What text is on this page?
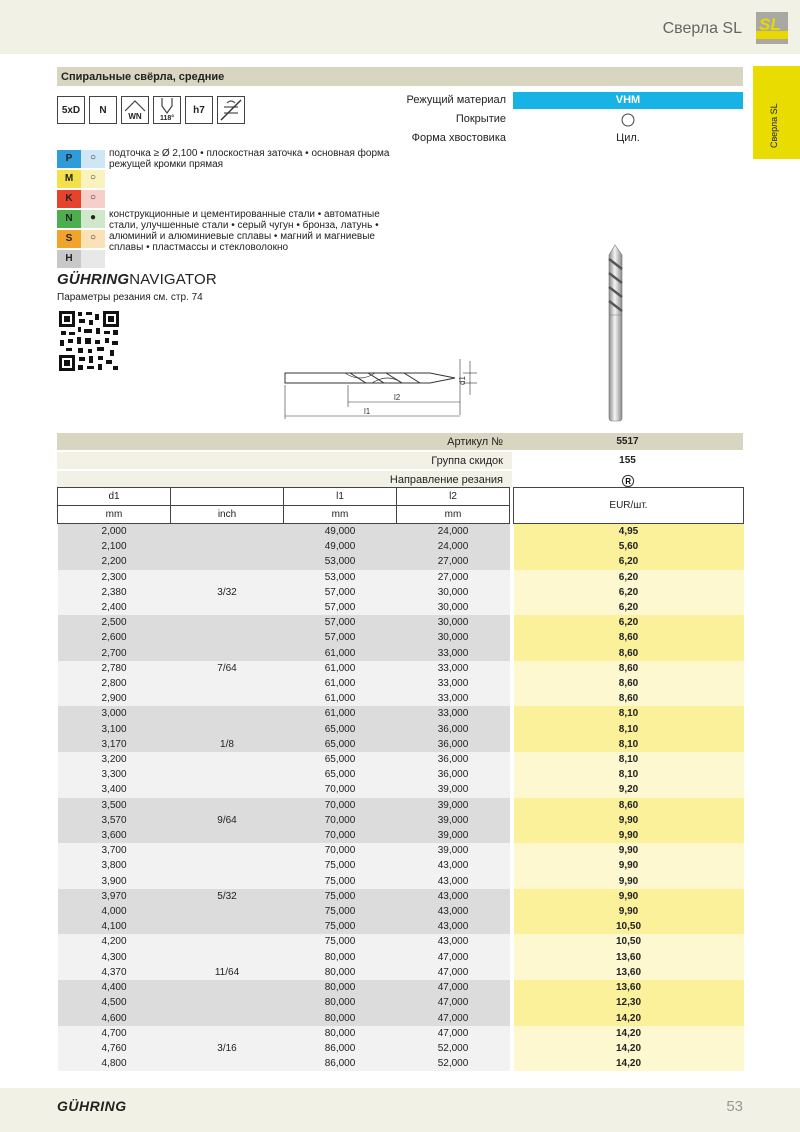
Сверла SL SL
Сверла SL
Спиральные свёрла, средние
5xD N
WN	118°
h7
Режущий материал	VHM
Покрытие
Форма хвостовика	Цил.
P	○
M	○
K	○
N	●
S	○
H
подточка ≥ Ø 2,100 • плоскостная заточка • основная форма режущей кромки прямая
конструкционные и цементированные стали • автоматные стали, улучшенные стали • серый чугун • бронза, латунь • алюминий и алюминиевые сплавы • магний и магниевые сплавы • пластмассы и стекловолокно
GÜHRINGNAVIGATOR
Параметры резания см. стр. 74
d1
l2
l1
Артикул №	5517
Группа скидок	155
Направление резания	R
d1		l1	l2		EUR/шт.
mm	inch	mm	mm		
2,000		49,000	24,000		4,95
2,100		49,000	24,000		5,60
2,200		53,000	27,000		6,20
2,300		53,000	27,000		6,20
2,380	3/32	57,000	30,000		6,20
2,400		57,000	30,000		6,20
2,500		57,000	30,000		6,20
2,600		57,000	30,000		8,60
2,700		61,000	33,000		8,60
2,780	7/64	61,000	33,000		8,60
2,800		61,000	33,000		8,60
2,900		61,000	33,000		8,60
3,000		61,000	33,000		8,10
3,100		65,000	36,000		8,10
3,170	1/8	65,000	36,000		8,10
3,200		65,000	36,000		8,10
3,300		65,000	36,000		8,10
3,400		70,000	39,000		9,20
3,500		70,000	39,000		8,60
3,570	9/64	70,000	39,000		9,90
3,600		70,000	39,000		9,90
3,700		70,000	39,000		9,90
3,800		75,000	43,000		9,90
3,900		75,000	43,000		9,90
3,970	5/32	75,000	43,000		9,90
4,000		75,000	43,000		9,90
4,100		75,000	43,000		10,50
4,200		75,000	43,000		10,50
4,300		80,000	47,000		13,60
4,370	11/64	80,000	47,000		13,60
4,400		80,000	47,000		13,60
4,500		80,000	47,000		12,30
4,600		80,000	47,000		14,20
4,700		80,000	47,000		14,20
4,760	3/16	86,000	52,000		14,20
4,800		86,000	52,000		14,20
GÜHRING	53
